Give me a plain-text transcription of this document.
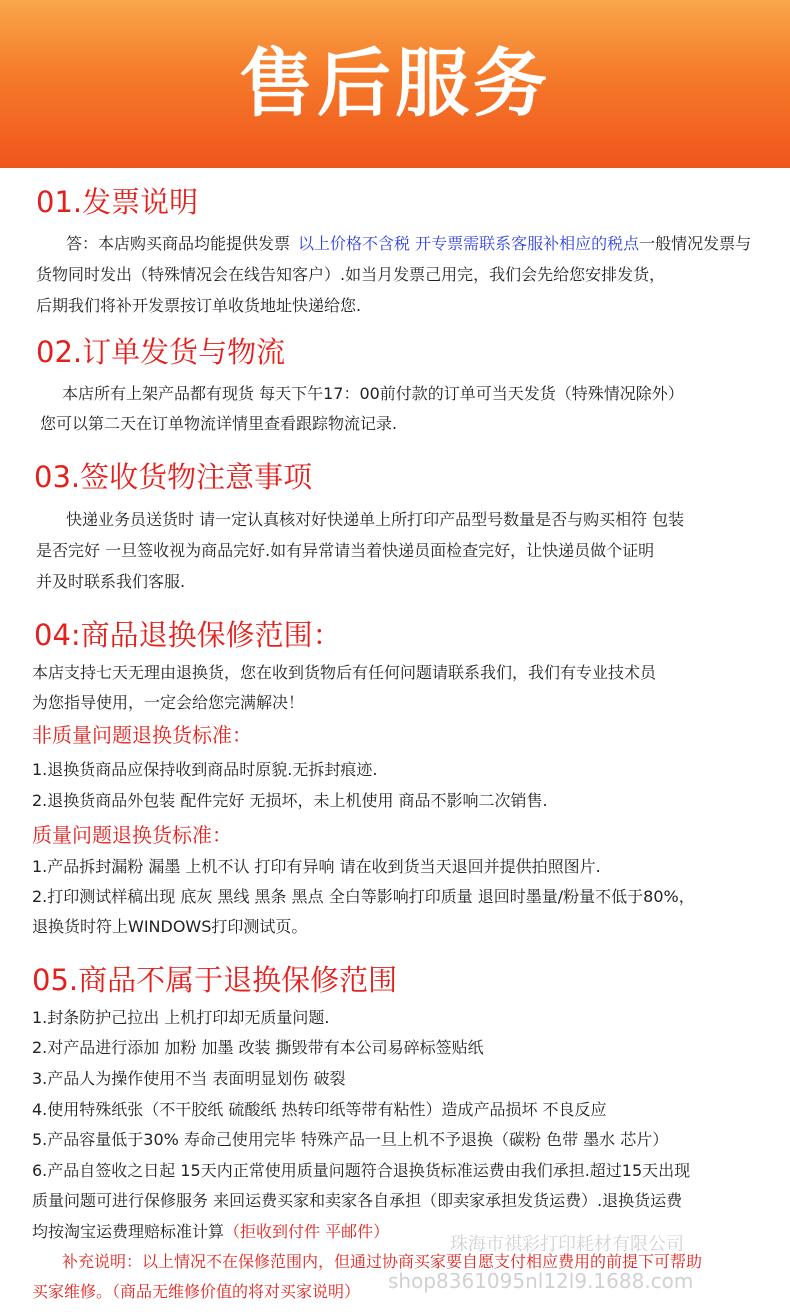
售后服务
01.发票说明
答：本店购买商品均能提供发票 以上价格不含税 开专票需联系客服补相应的税点一般情况发票与
货物同时发出（特殊情况会在线告知客户）.如当月发票己用完，我们会先给您安排发货，
后期我们将补开发票按订单收货地址快递给您.
02.订单发货与物流
本店所有上架产品都有现货 每天下午17：00前付款的订单可当天发货（特殊情况除外）
您可以第二天在订单物流详情里查看跟踪物流记录.
03.签收货物注意事项
快递业务员送货时 请一定认真核对好快递单上所打印产品型号数量是否与购买相符 包装
是否完好 一旦签收视为商品完好.如有异常请当着快递员面检查完好，让快递员做个证明
并及时联系我们客服.
04:商品退换保修范围：
本店支持七天无理由退换货，您在收到货物后有任何问题请联系我们，我们有专业技术员
为您指导使用，一定会给您完满解决！
非质量问题退换货标准：
1.退换货商品应保持收到商品时原貌.无拆封痕迹.
2.退换货商品外包装 配件完好 无损坏，未上机使用 商品不影响二次销售.
质量问题退换货标准：
1.产品拆封漏粉 漏墨 上机不认 打印有异响 请在收到货当天退回并提供拍照图片.
2.打印测试样稿出现 底灰 黑线 黑条 黑点 全白等影响打印质量 退回时墨量/粉量不低于80%，
退换货时符上WINDOWS打印测试页。
05.商品不属于退换保修范围
1.封条防护己拉出 上机打印却无质量问题.
2.对产品进行添加 加粉 加墨 改装 撕毁带有本公司易碎标签贴纸
3.产品人为操作使用不当 表面明显划伤 破裂
4.使用特殊纸张（不干胶纸 硫酸纸 热转印纸等带有粘性）造成产品损坏 不良反应
5.产品容量低于30% 寿命己使用完毕 特殊产品一旦上机不予退换（碳粉 色带 墨水 芯片）
6.产品自签收之日起 15天内正常使用质量问题符合退换货标准运费由我们承担.超过15天出现
质量问题可进行保修服务 来回运费买家和卖家各自承担（即卖家承担发货运费）.退换货运费
均按淘宝运费理赔标准计算（拒收到付件 平邮件）
珠海市祺彩打印耗材有限公司
shop8361095nl12l9.1688.com
补充说明：以上情况不在保修范围内，但通过协商买家要自愿支付相应费用的前提下可帮助
买家维修。（商品无维修价值的将对买家说明）
